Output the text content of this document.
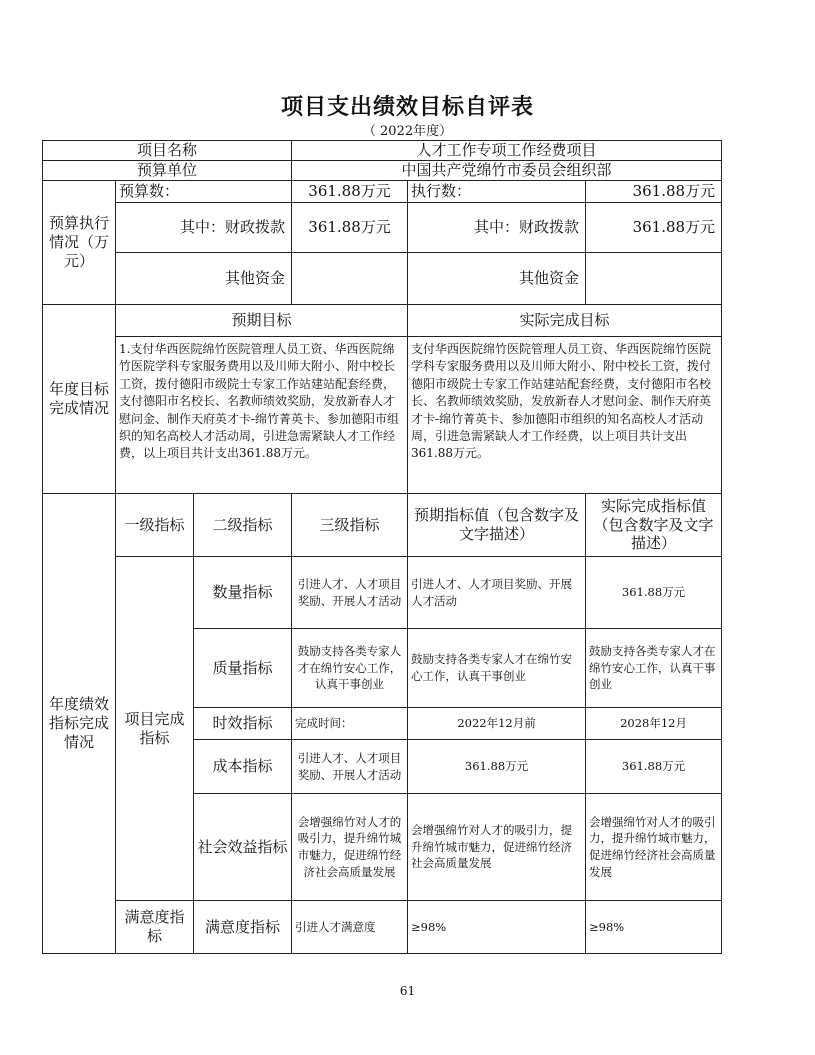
项目支出绩效目标自评表
（ 2022年度）
项目名称			人才工作专项工作经费项目		
预算单位			中国共产党绵竹市委员会组织部		
预算执行情况（万元）	预算数：		361.88万元	执行数：	361.88万元
	其中：财政拨款		361.88万元	其中：财政拨款	361.88万元
	其他资金			其他资金	
年度目标完成情况	预期目标			实际完成目标	
	1.支付华西医院绵竹医院管理人员工资、华西医院绵竹医院学科专家服务费用以及川师大附小、附中校长工资，拨付德阳市级院士专家工作站建站配套经费，支付德阳市名校长、名教师绩效奖励，发放新春人才慰问金、制作天府英才卡-绵竹菁英卡、参加德阳市组织的知名高校人才活动周，引进急需紧缺人才工作经费，以上项目共计支出361.88万元。			支付华西医院绵竹医院管理人员工资、华西医院绵竹医院学科专家服务费用以及川师大附小、附中校长工资，拨付德阳市级院士专家工作站建站配套经费，支付德阳市名校长、名教师绩效奖励，发放新春人才慰问金、制作天府英才卡-绵竹菁英卡、参加德阳市组织的知名高校人才活动周，引进急需紧缺人才工作经费，以上项目共计支出361.88万元。	
年度绩效指标完成情况	一级指标	二级指标	三级指标	预期指标值（包含数字及文字描述）	实际完成指标值（包含数字及文字描述）
	项目完成指标	数量指标	引进人才、人才项目奖励、开展人才活动	引进人才、人才项目奖励、开展人才活动	361.88万元
		质量指标	鼓励支持各类专家人才在绵竹安心工作，认真干事创业	鼓励支持各类专家人才在绵竹安心工作，认真干事创业	鼓励支持各类专家人才在绵竹安心工作，认真干事创业
		时效指标	完成时间：	2022年12月前	2028年12月
		成本指标	引进人才、人才项目奖励、开展人才活动	361.88万元	361.88万元
		社会效益指标	会增强绵竹对人才的吸引力，提升绵竹城市魅力，促进绵竹经济社会高质量发展	会增强绵竹对人才的吸引力，提升绵竹城市魅力，促进绵竹经济社会高质量发展	会增强绵竹对人才的吸引力，提升绵竹城市魅力，促进绵竹经济社会高质量发展
	满意度指标	满意度指标	引进人才满意度	≥98%	≥98%
61
